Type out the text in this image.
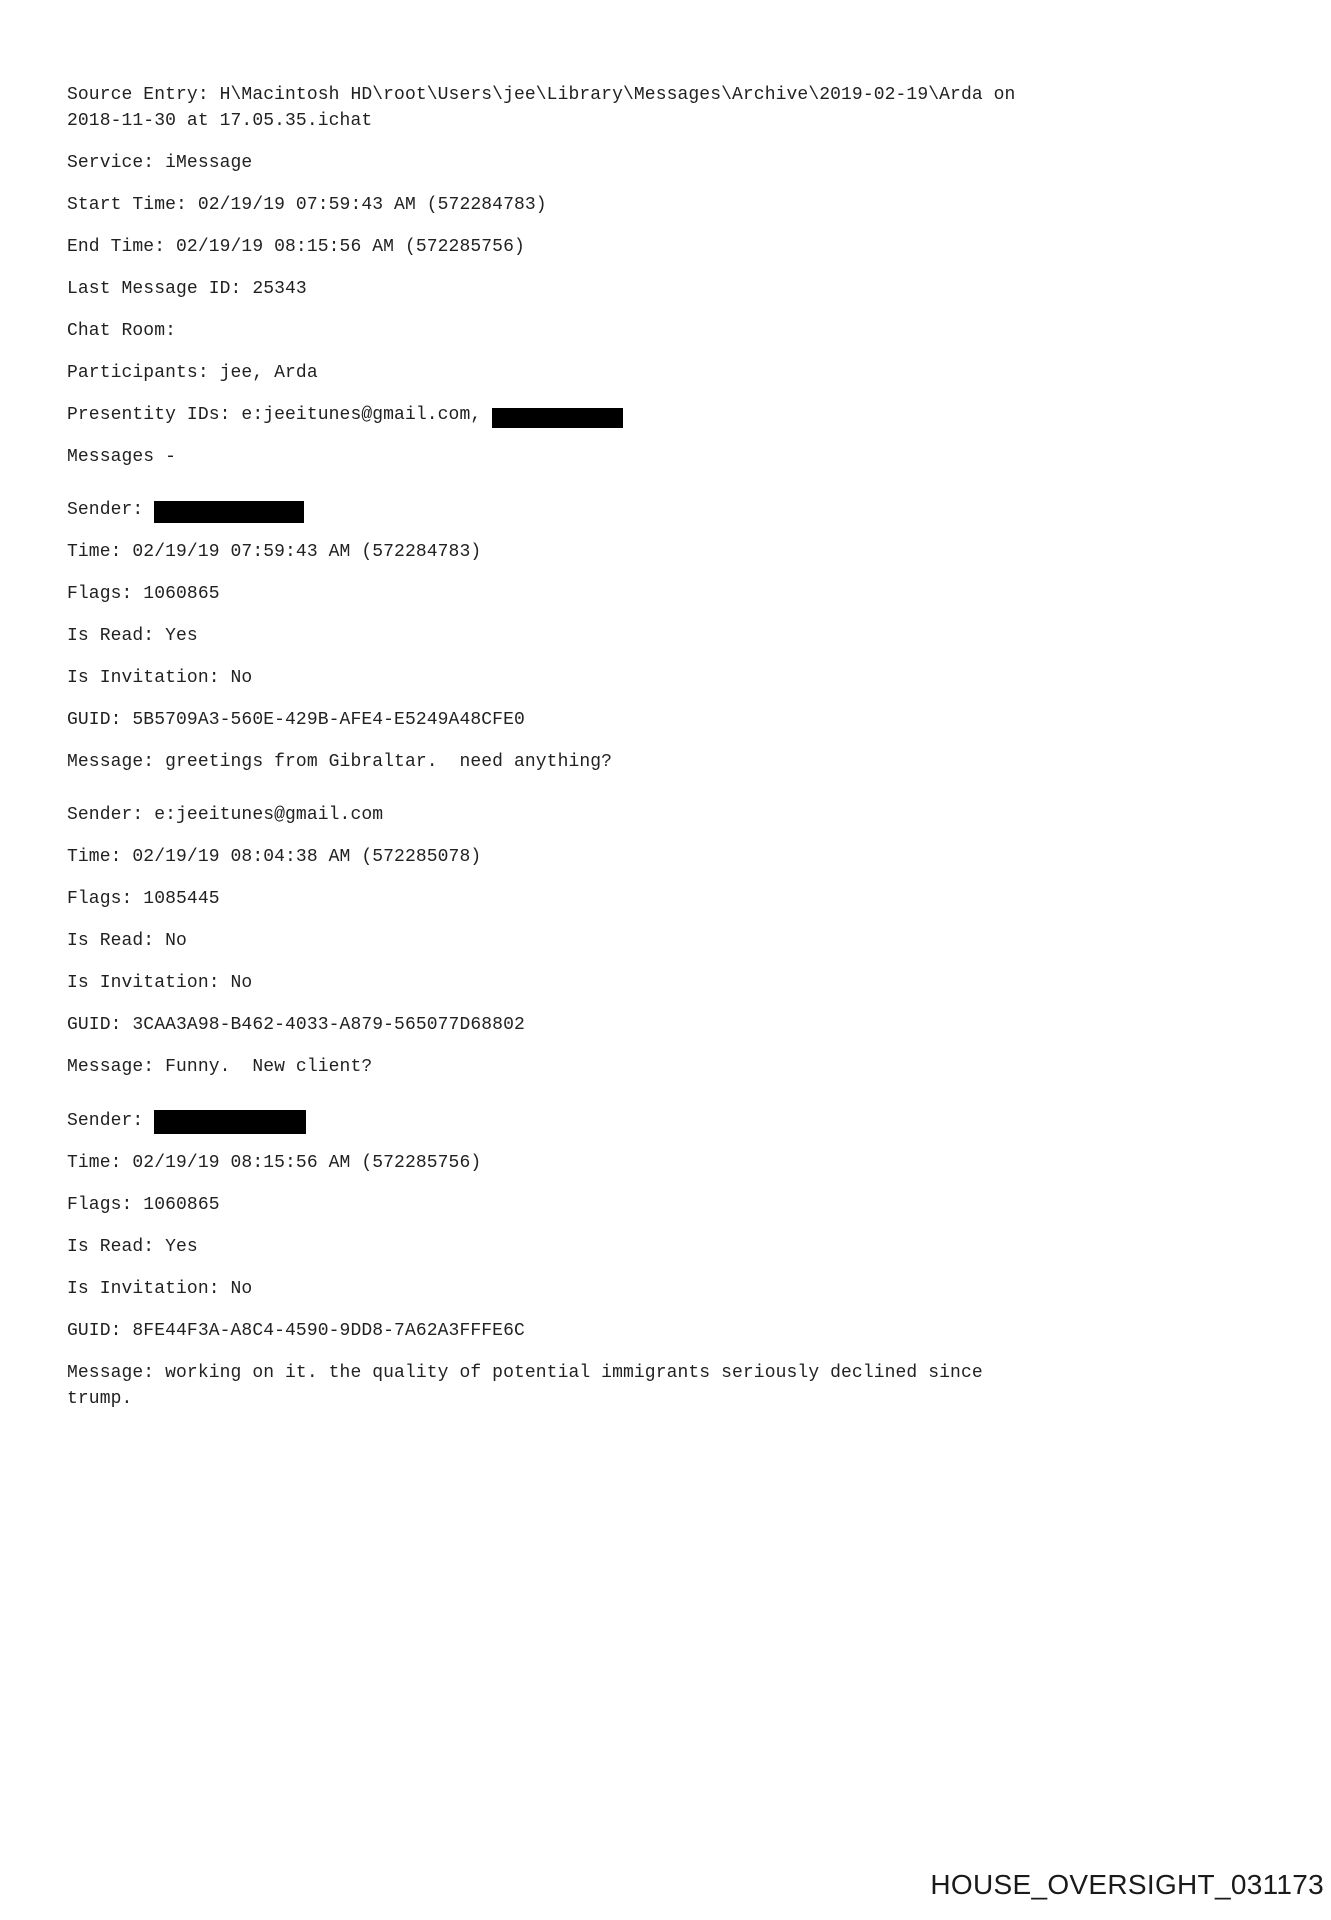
Source Entry: H\Macintosh HD\root\Users\jee\Library\Messages\Archive\2019-02-19\Arda on
2018-11-30 at 17.05.35.ichat
Service: iMessage
Start Time: 02/19/19 07:59:43 AM (572284783)
End Time: 02/19/19 08:15:56 AM (572285756)
Last Message ID: 25343
Chat Room:
Participants: jee, Arda
Presentity IDs: e:jeeitunes@gmail.com,
Messages -
Sender:
Time: 02/19/19 07:59:43 AM (572284783)
Flags: 1060865
Is Read: Yes
Is Invitation: No
GUID: 5B5709A3-560E-429B-AFE4-E5249A48CFE0
Message: greetings from Gibraltar.  need anything?
Sender: e:jeeitunes@gmail.com
Time: 02/19/19 08:04:38 AM (572285078)
Flags: 1085445
Is Read: No
Is Invitation: No
GUID: 3CAA3A98-B462-4033-A879-565077D68802
Message: Funny.  New client?
Sender:
Time: 02/19/19 08:15:56 AM (572285756)
Flags: 1060865
Is Read: Yes
Is Invitation: No
GUID: 8FE44F3A-A8C4-4590-9DD8-7A62A3FFFE6C
Message: working on it. the quality of potential immigrants seriously declined since
trump.
HOUSE_OVERSIGHT_031173
